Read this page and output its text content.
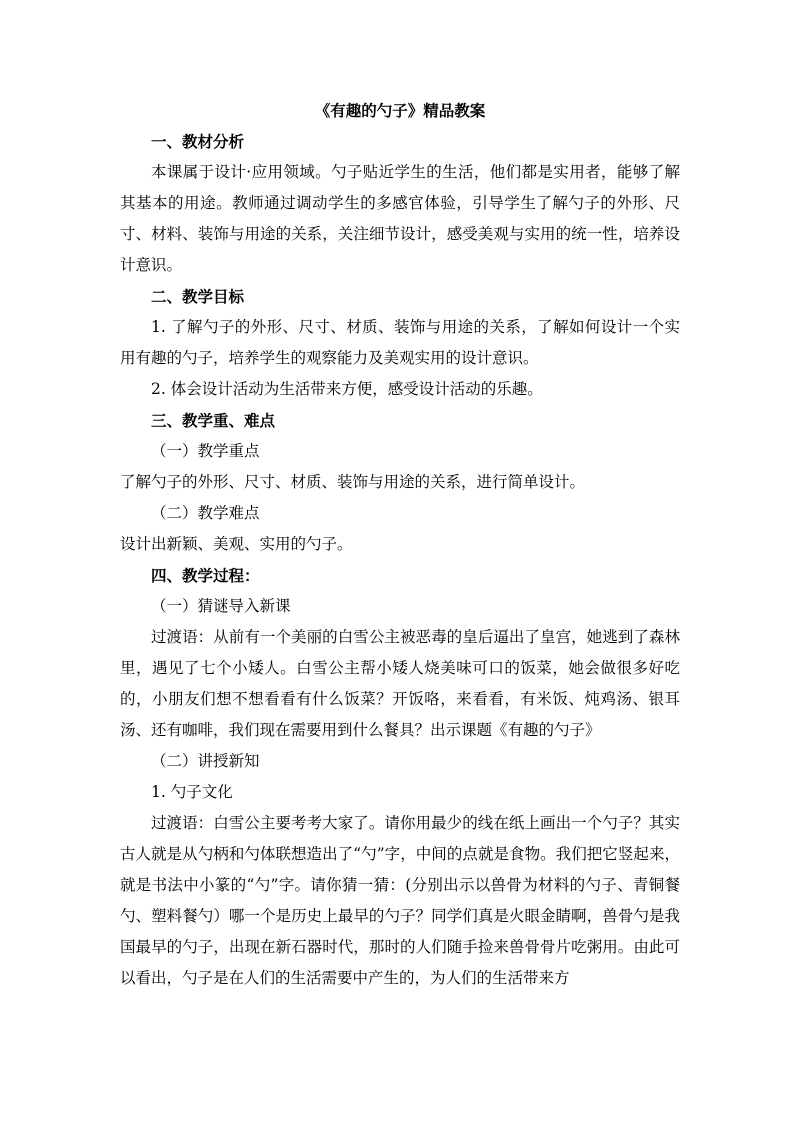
《有趣的勺子》精品教案

一、教材分析

本课属于设计·应用领域。勺子贴近学生的生活，他们都是实用者，能够了解其基本的用途。教师通过调动学生的多感官体验，引导学生了解勺子的外形、尺寸、材料、装饰与用途的关系，关注细节设计，感受美观与实用的统一性，培养设计意识。

二、教学目标

1. 了解勺子的外形、尺寸、材质、装饰与用途的关系，了解如何设计一个实用有趣的勺子，培养学生的观察能力及美观实用的设计意识。

2. 体会设计活动为生活带来方便，感受设计活动的乐趣。

三、教学重、难点

（一）教学重点

了解勺子的外形、尺寸、材质、装饰与用途的关系，进行简单设计。

（二）教学难点

设计出新颖、美观、实用的勺子。

四、教学过程：

（一）猜谜导入新课

过渡语：从前有一个美丽的白雪公主被恶毒的皇后逼出了皇宫，她逃到了森林里，遇见了七个小矮人。白雪公主帮小矮人烧美味可口的饭菜，她会做很多好吃的，小朋友们想不想看看有什么饭菜？开饭咯，来看看，有米饭、炖鸡汤、银耳汤、还有咖啡，我们现在需要用到什么餐具？出示课题《有趣的勺子》

（二）讲授新知

1. 勺子文化

过渡语：白雪公主要考考大家了。请你用最少的线在纸上画出一个勺子？其实古人就是从勺柄和勺体联想造出了“勺”字，中间的点就是食物。我们把它竖起来，就是书法中小篆的“勺”字。请你猜一猜：(分别出示以兽骨为材料的勺子、青铜餐勺、塑料餐勺）哪一个是历史上最早的勺子？同学们真是火眼金睛啊，兽骨勺是我国最早的勺子，出现在新石器时代，那时的人们随手捡来兽骨骨片吃粥用。由此可以看出，勺子是在人们的生活需要中产生的，为人们的生活带来方
